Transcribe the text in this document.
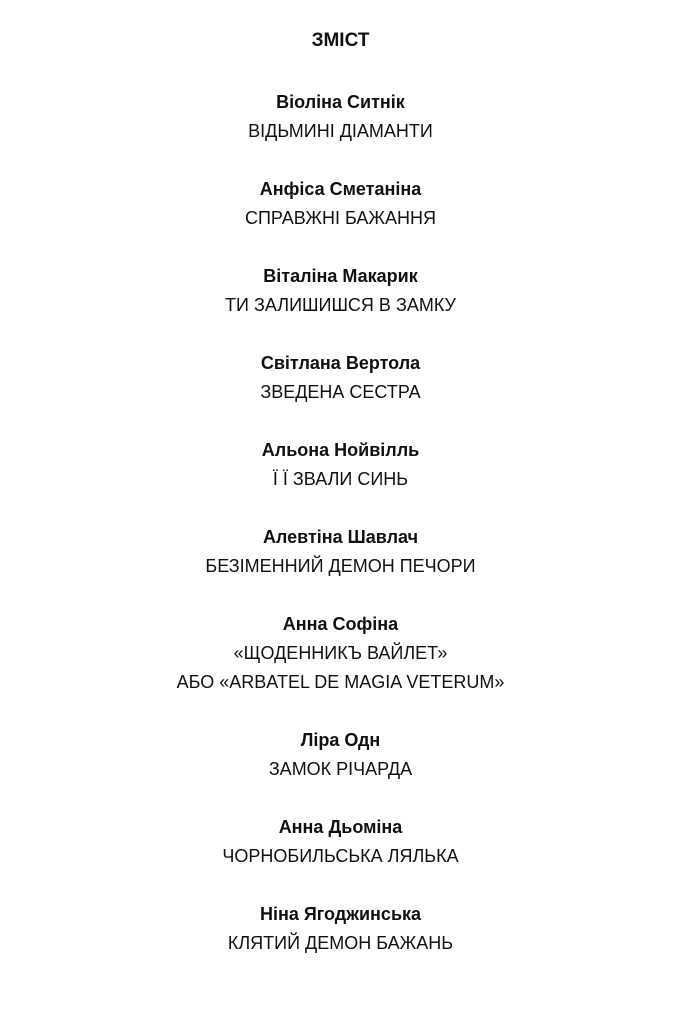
ЗМІСТ
Віоліна Ситнік
ВІДЬМИНІ ДІАМАНТИ
Анфіса Сметаніна
СПРАВЖНІ БАЖАННЯ
Віталіна Макарик
ТИ ЗАЛИШИШСЯ В ЗАМКУ
Світлана Вертола
ЗВЕДЕНА СЕСТРА
Альона Нойвілль
Ї Ї ЗВАЛИ СИНЬ
Алевтіна Шавлач
БЕЗІМЕННИЙ ДЕМОН ПЕЧОРИ
Анна Софіна
«ЩОДЕННИКЪ ВАЙЛЕТ»
АБО «ARBATEL DE MAGIA VETERUM»
Ліра Одн
ЗАМОК РІЧАРДА
Анна Дьоміна
ЧОРНОБИЛЬСЬКА ЛЯЛЬКА
Ніна Ягоджинська
КЛЯТИЙ ДЕМОН БАЖАНЬ
